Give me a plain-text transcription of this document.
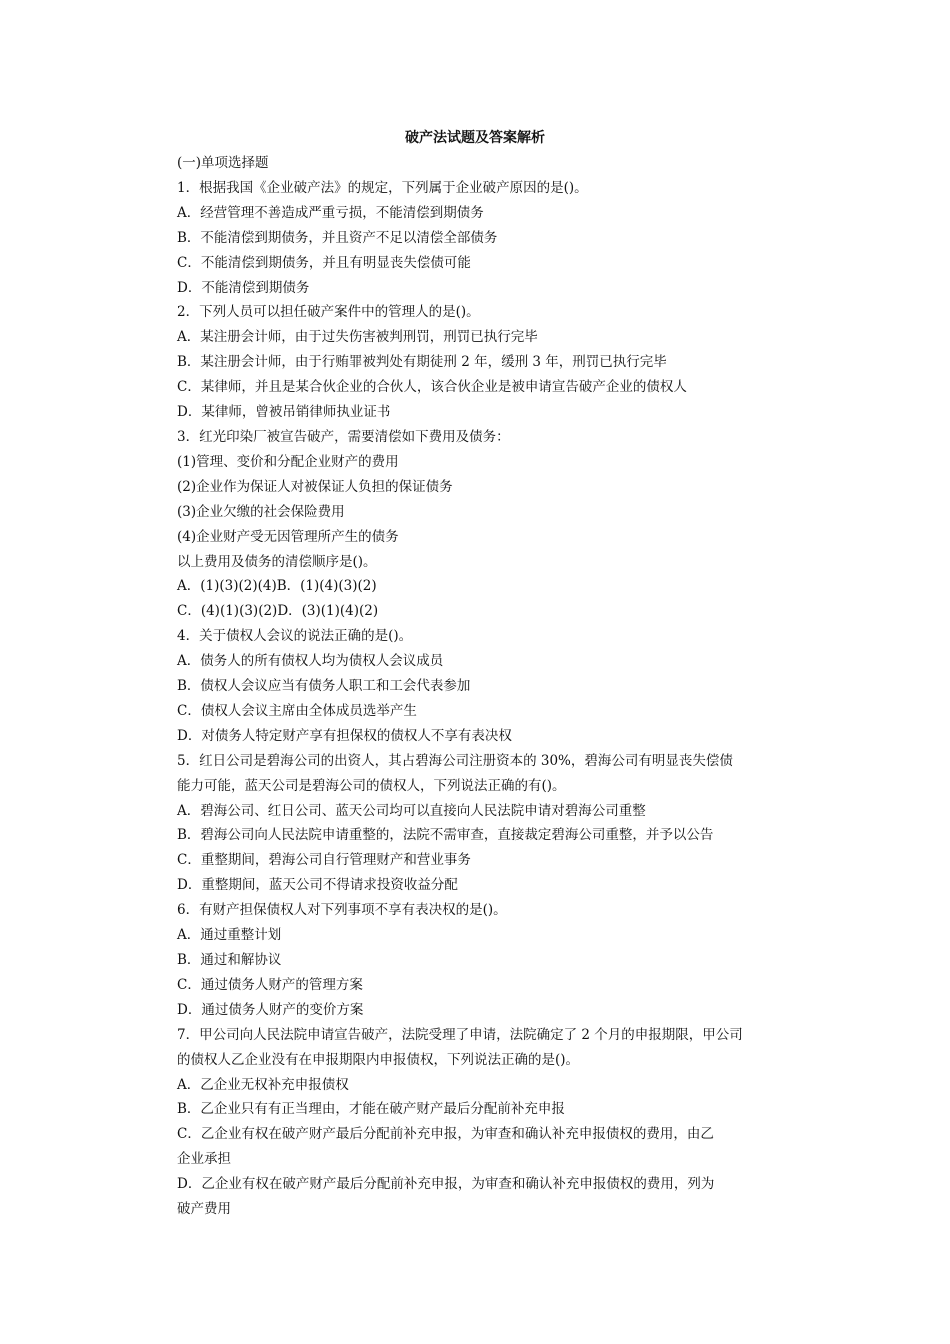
破产法试题及答案解析
(一)单项选择题
1．根据我国《企业破产法》的规定，下列属于企业破产原因的是()。
A．经营管理不善造成严重亏损，不能清偿到期债务
B．不能清偿到期债务，并且资产不足以清偿全部债务
C．不能清偿到期债务，并且有明显丧失偿债可能
D．不能清偿到期债务
2．下列人员可以担任破产案件中的管理人的是()。
A．某注册会计师，由于过失伤害被判刑罚，刑罚已执行完毕
B．某注册会计师，由于行贿罪被判处有期徒刑 2 年，缓刑 3 年，刑罚已执行完毕
C．某律师，并且是某合伙企业的合伙人，该合伙企业是被申请宣告破产企业的债权人
D．某律师，曾被吊销律师执业证书
3．红光印染厂被宣告破产，需要清偿如下费用及债务：
(1)管理、变价和分配企业财产的费用
(2)企业作为保证人对被保证人负担的保证债务
(3)企业欠缴的社会保险费用
(4)企业财产受无因管理所产生的债务
以上费用及债务的清偿顺序是()。
A．(1)(3)(2)(4)B．(1)(4)(3)(2)
C．(4)(1)(3)(2)D．(3)(1)(4)(2)
4．关于债权人会议的说法正确的是()。
A．债务人的所有债权人均为债权人会议成员
B．债权人会议应当有债务人职工和工会代表参加
C．债权人会议主席由全体成员选举产生
D．对债务人特定财产享有担保权的债权人不享有表决权
5．红日公司是碧海公司的出资人，其占碧海公司注册资本的 30%，碧海公司有明显丧失偿债
能力可能，蓝天公司是碧海公司的债权人，下列说法正确的有()。
A．碧海公司、红日公司、蓝天公司均可以直接向人民法院申请对碧海公司重整
B．碧海公司向人民法院申请重整的，法院不需审查，直接裁定碧海公司重整，并予以公告
C．重整期间，碧海公司自行管理财产和营业事务
D．重整期间，蓝天公司不得请求投资收益分配
6．有财产担保债权人对下列事项不享有表决权的是()。
A．通过重整计划
B．通过和解协议
C．通过债务人财产的管理方案
D．通过债务人财产的变价方案
7．甲公司向人民法院申请宣告破产，法院受理了申请，法院确定了 2 个月的申报期限，甲公司
的债权人乙企业没有在申报期限内申报债权，下列说法正确的是()。
A．乙企业无权补充申报债权
B．乙企业只有有正当理由，才能在破产财产最后分配前补充申报
C．乙企业有权在破产财产最后分配前补充申报，为审查和确认补充申报债权的费用，由乙
企业承担
D．乙企业有权在破产财产最后分配前补充申报，为审查和确认补充申报债权的费用，列为
破产费用
